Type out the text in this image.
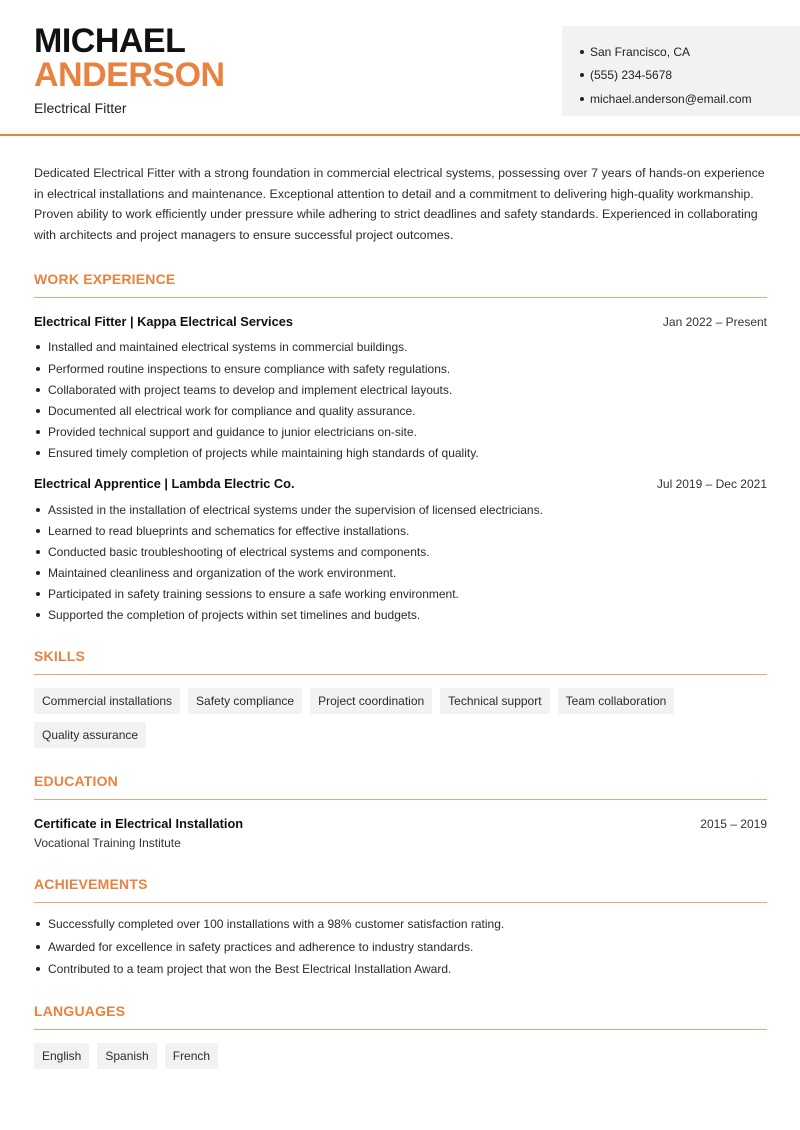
MICHAEL
ANDERSON
Electrical Fitter
San Francisco, CA
(555) 234-5678
michael.anderson@email.com

Dedicated Electrical Fitter with a strong foundation in commercial electrical systems, possessing over 7 years of hands-on experience in electrical installations and maintenance. Exceptional attention to detail and a commitment to delivering high-quality workmanship. Proven ability to work efficiently under pressure while adhering to strict deadlines and safety standards. Experienced in collaborating with architects and project managers to ensure successful project outcomes.

WORK EXPERIENCE
Electrical Fitter | Kappa Electrical Services	Jan 2022 – Present
Installed and maintained electrical systems in commercial buildings.
Performed routine inspections to ensure compliance with safety regulations.
Collaborated with project teams to develop and implement electrical layouts.
Documented all electrical work for compliance and quality assurance.
Provided technical support and guidance to junior electricians on-site.
Ensured timely completion of projects while maintaining high standards of quality.
Electrical Apprentice | Lambda Electric Co.	Jul 2019 – Dec 2021
Assisted in the installation of electrical systems under the supervision of licensed electricians.
Learned to read blueprints and schematics for effective installations.
Conducted basic troubleshooting of electrical systems and components.
Maintained cleanliness and organization of the work environment.
Participated in safety training sessions to ensure a safe working environment.
Supported the completion of projects within set timelines and budgets.
SKILLS
Commercial installations	Safety compliance	Project coordination	Technical support	Team collaboration
Quality assurance
EDUCATION
Certificate in Electrical Installation	2015 – 2019
Vocational Training Institute
ACHIEVEMENTS
Successfully completed over 100 installations with a 98% customer satisfaction rating.
Awarded for excellence in safety practices and adherence to industry standards.
Contributed to a team project that won the Best Electrical Installation Award.
LANGUAGES
English	Spanish	French
